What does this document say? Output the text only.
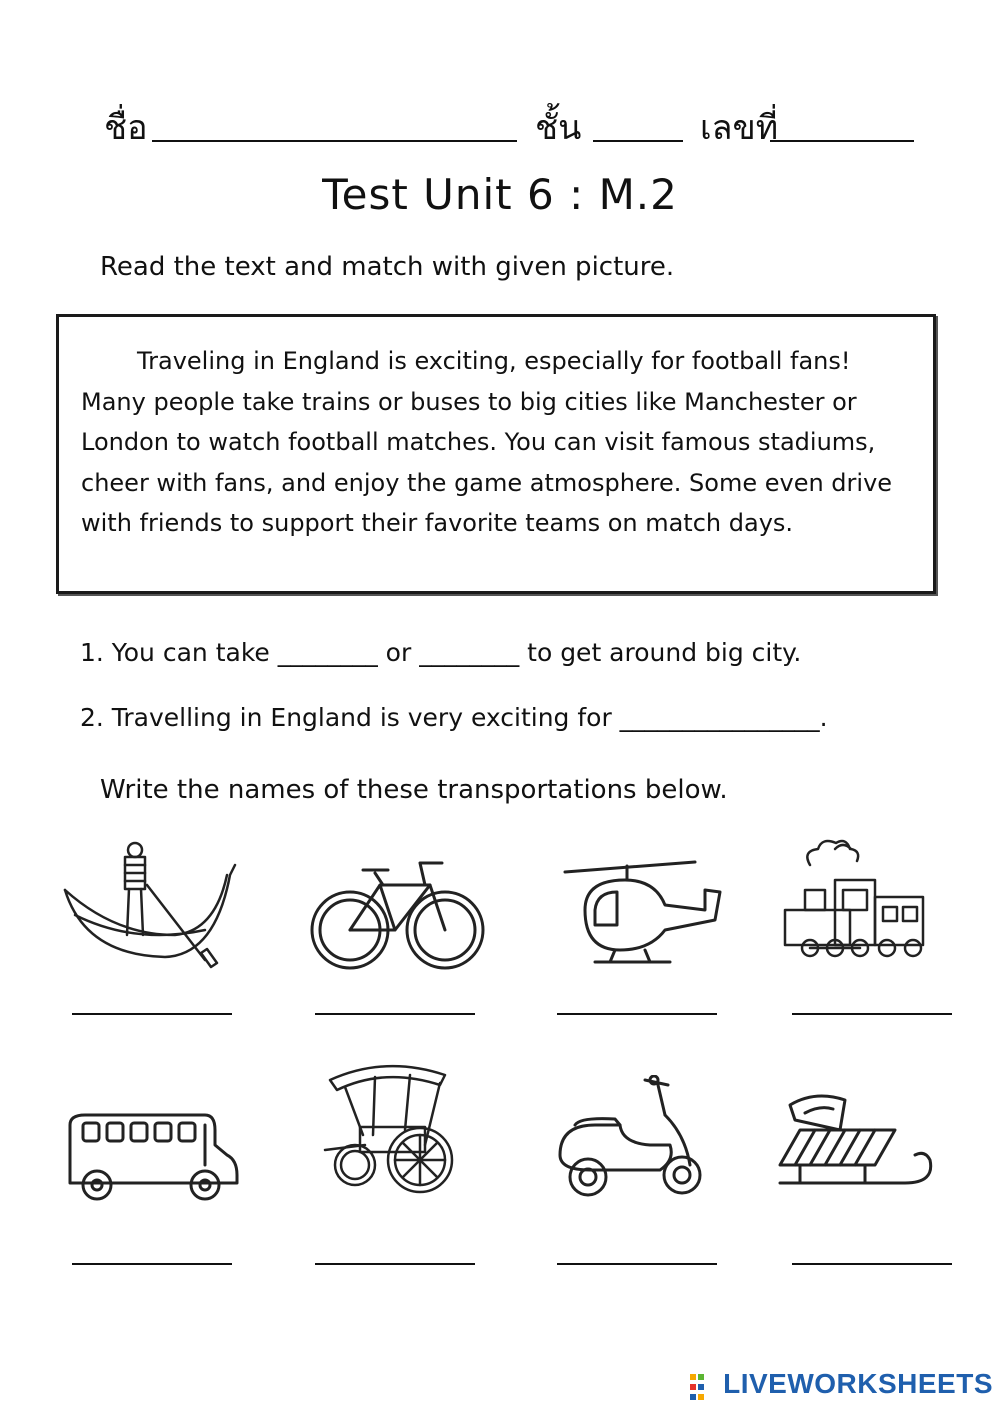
ชื่อ	ชั้น	เลขที่
Test Unit 6 : M.2
Read the text and match with given picture.
Traveling in England is exciting, especially for football fans! Many people take trains or buses to big cities like Manchester or London to watch football matches. You can visit famous stadiums, cheer with fans, and enjoy the game atmosphere. Some even drive with friends to support their favorite teams on match days.
1. You can take ________ or ________ to get around big city.
2. Travelling in England is very exciting for ________________.
Write the names of these transportations below.
LIVEWORKSHEETS
